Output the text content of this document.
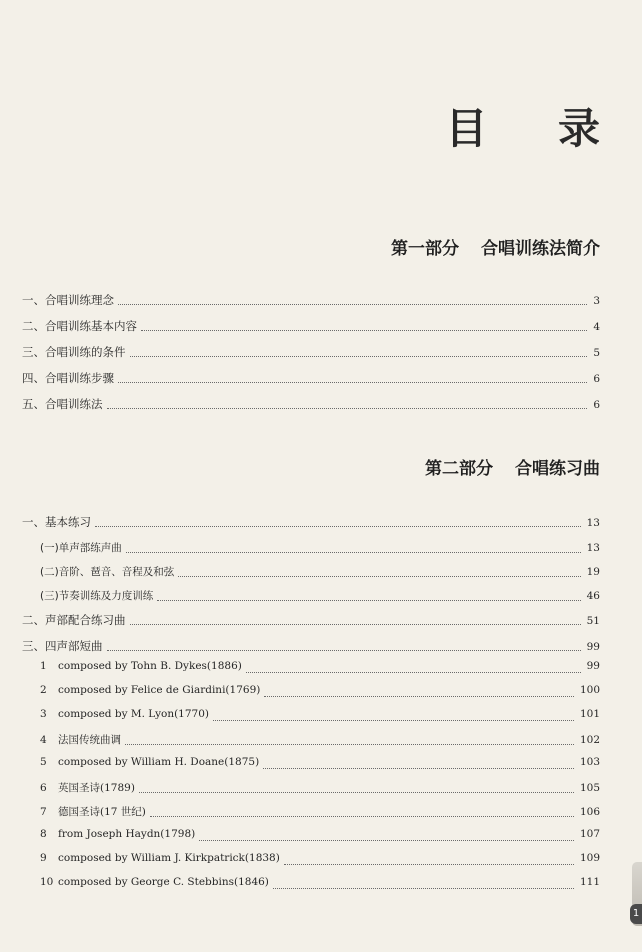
目 录
第一部分 合唱训练法简介
一、合唱训练理念	3
二、合唱训练基本内容	4
三、合唱训练的条件	5
四、合唱训练步骤	6
五、合唱训练法	6
第二部分 合唱练习曲
一、基本练习	13
(一)单声部练声曲	13
(二)音阶、琶音、音程及和弦	19
(三)节奏训练及力度训练	46
二、声部配合练习曲	51
三、四声部短曲	99
1 composed by Tohn B. Dykes(1886)	99
2 composed by Felice de Giardini(1769)	100
3 composed by M. Lyon(1770)	101
4 法国传统曲调	102
5 composed by William H. Doane(1875)	103
6 英国圣诗(1789)	105
7 德国圣诗(17 世纪)	106
8 from Joseph Haydn(1798)	107
9 composed by William J. Kirkpatrick(1838)	109
10 composed by George C. Stebbins(1846)	111
1
